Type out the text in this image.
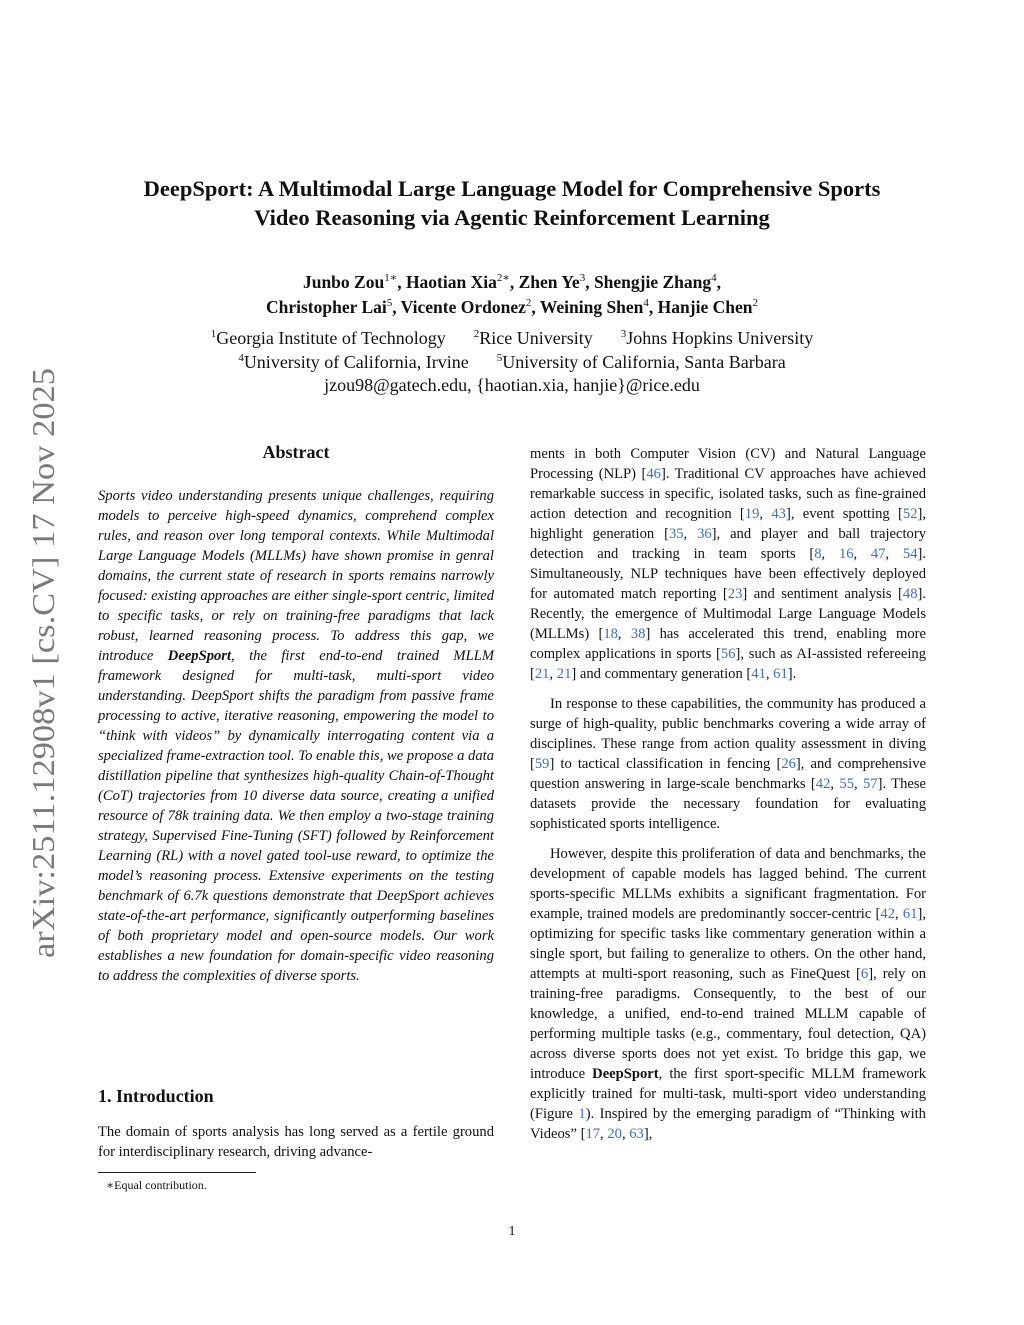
arXiv:2511.12908v1 [cs.CV] 17 Nov 2025
DeepSport: A Multimodal Large Language Model for Comprehensive Sports
Video Reasoning via Agentic Reinforcement Learning
Junbo Zou$^{1∗}$, Haotian Xia$^{2∗}$, Zhen Ye$^3$, Shengjie Zhang$^4$,
Christopher Lai$^5$, Vicente Ordonez$^2$, Weining Shen$^4$, Hanjie Chen$^2$
$^1$Georgia Institute of Technology	$^2$Rice University	$^3$Johns Hopkins University
$^4$University of California, Irvine	$^5$University of California, Santa Barbara
jzou98@gatech.edu, {haotian.xia, hanjie}@rice.edu
Abstract

Sports video understanding presents unique challenges, requiring models to perceive high-speed dynamics, comprehend complex rules, and reason over long temporal contexts. While Multimodal Large Language Models (MLLMs) have shown promise in genral domains, the current state of research in sports remains narrowly focused: existing approaches are either single-sport centric, limited to specific tasks, or rely on training-free paradigms that lack robust, learned reasoning process. To address this gap, we introduce DeepSport, the first end-to-end trained MLLM framework designed for multi-task, multi-sport video understanding. DeepSport shifts the paradigm from passive frame processing to active, iterative reasoning, empowering the model to “think with videos” by dynamically interrogating content via a specialized frame-extraction tool. To enable this, we propose a data distillation pipeline that synthesizes high-quality Chain-of-Thought (CoT) trajectories from 10 diverse data source, creating a unified resource of 78k training data. We then employ a two-stage training strategy, Supervised Fine-Tuning (SFT) followed by Reinforcement Learning (RL) with a novel gated tool-use reward, to optimize the model’s reasoning process. Extensive experiments on the testing benchmark of 6.7k questions demonstrate that DeepSport achieves state-of-the-art performance, significantly outperforming baselines of both proprietary model and open-source models. Our work establishes a new foundation for domain-specific video reasoning to address the complexities of diverse sports.

1. Introduction
The domain of sports analysis has long served as a fertile ground for interdisciplinary research, driving advance-
∗Equal contribution.

ments in both Computer Vision (CV) and Natural Language Processing (NLP) [46]. Traditional CV approaches have achieved remarkable success in specific, isolated tasks, such as fine-grained action detection and recognition [19, 43], event spotting [52], highlight generation [35, 36], and player and ball trajectory detection and tracking in team sports [8, 16, 47, 54]. Simultaneously, NLP techniques have been effectively deployed for automated match reporting [23] and sentiment analysis [48]. Recently, the emergence of Multimodal Large Language Models (MLLMs) [18, 38] has accelerated this trend, enabling more complex applications in sports [56], such as AI-assisted refereeing [21, 21] and commentary generation [41, 61].

In response to these capabilities, the community has produced a surge of high-quality, public benchmarks covering a wide array of disciplines. These range from action quality assessment in diving [59] to tactical classification in fencing [26], and comprehensive question answering in large-scale benchmarks [42, 55, 57]. These datasets provide the necessary foundation for evaluating sophisticated sports intelligence.

However, despite this proliferation of data and benchmarks, the development of capable models has lagged behind. The current sports-specific MLLMs exhibits a significant fragmentation. For example, trained models are predominantly soccer-centric [42, 61], optimizing for specific tasks like commentary generation within a single sport, but failing to generalize to others. On the other hand, attempts at multi-sport reasoning, such as FineQuest [6], rely on training-free paradigms. Consequently, to the best of our knowledge, a unified, end-to-end trained MLLM capable of performing multiple tasks (e.g., commentary, foul detection, QA) across diverse sports does not yet exist. To bridge this gap, we introduce DeepSport, the first sport-specific MLLM framework explicitly trained for multi-task, multi-sport video understanding (Figure 1). Inspired by the emerging paradigm of “Thinking with Videos” [17, 20, 63],

1
